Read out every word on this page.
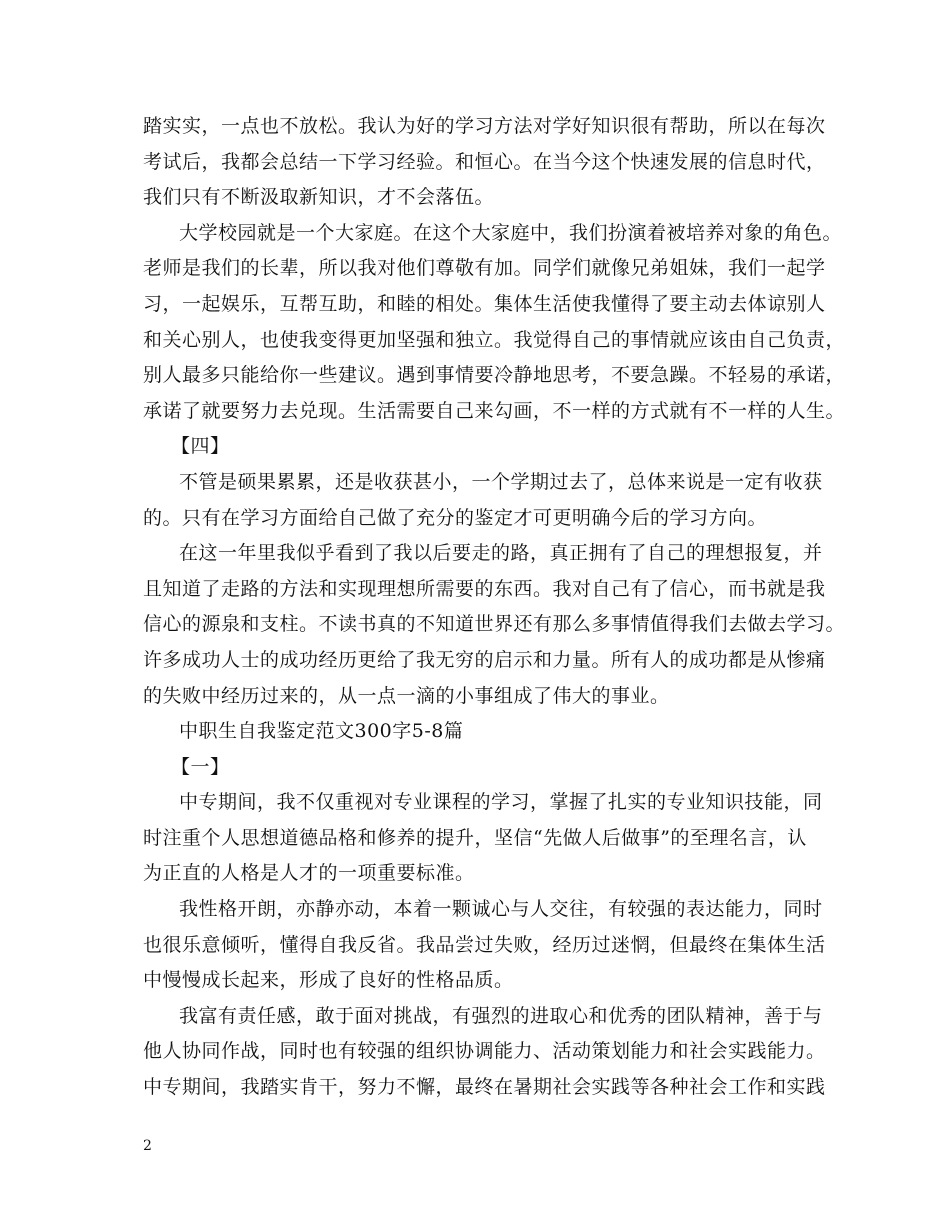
踏实实，一点也不放松。我认为好的学习方法对学好知识很有帮助，所以在每次
考试后，我都会总结一下学习经验。和恒心。在当今这个快速发展的信息时代，
我们只有不断汲取新知识，才不会落伍。
大学校园就是一个大家庭。在这个大家庭中，我们扮演着被培养对象的角色。
老师是我们的长辈，所以我对他们尊敬有加。同学们就像兄弟姐妹，我们一起学
习，一起娱乐，互帮互助，和睦的相处。集体生活使我懂得了要主动去体谅别人
和关心别人，也使我变得更加坚强和独立。我觉得自己的事情就应该由自己负责，
别人最多只能给你一些建议。遇到事情要冷静地思考，不要急躁。不轻易的承诺，
承诺了就要努力去兑现。生活需要自己来勾画，不一样的方式就有不一样的人生。
【四】
不管是硕果累累，还是收获甚小，一个学期过去了，总体来说是一定有收获
的。只有在学习方面给自己做了充分的鉴定才可更明确今后的学习方向。
在这一年里我似乎看到了我以后要走的路，真正拥有了自己的理想报复，并
且知道了走路的方法和实现理想所需要的东西。我对自己有了信心，而书就是我
信心的源泉和支柱。不读书真的不知道世界还有那么多事情值得我们去做去学习。
许多成功人士的成功经历更给了我无穷的启示和力量。所有人的成功都是从惨痛
的失败中经历过来的，从一点一滴的小事组成了伟大的事业。
中职生自我鉴定范文300字5-8篇
【一】
中专期间，我不仅重视对专业课程的学习，掌握了扎实的专业知识技能，同
时注重个人思想道德品格和修养的提升，坚信“先做人后做事”的至理名言，认
为正直的人格是人才的一项重要标准。
我性格开朗，亦静亦动，本着一颗诚心与人交往，有较强的表达能力，同时
也很乐意倾听，懂得自我反省。我品尝过失败，经历过迷惘，但最终在集体生活
中慢慢成长起来，形成了良好的性格品质。
我富有责任感，敢于面对挑战，有强烈的进取心和优秀的团队精神，善于与
他人协同作战，同时也有较强的组织协调能力、活动策划能力和社会实践能力。
中专期间，我踏实肯干，努力不懈，最终在暑期社会实践等各种社会工作和实践
2
